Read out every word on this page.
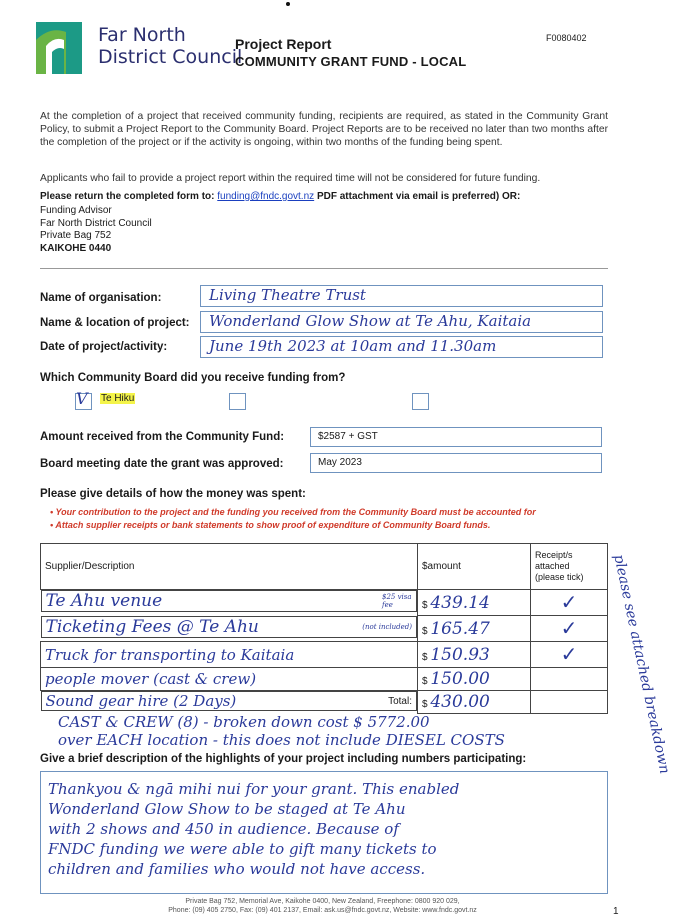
Far North
District Council
F0080402
Project Report
COMMUNITY GRANT FUND - LOCAL
At the completion of a project that received community funding, recipients are required, as stated in the Community Grant Policy, to submit a Project Report to the Community Board. Project Reports are to be received no later than two months after the completion of the project or if the activity is ongoing, within two months of the funding being spent.
Applicants who fail to provide a project report within the required time will not be considered for future funding.
Please return the completed form to: funding@fndc.govt.nz PDF attachment via email is preferred) OR:
Funding Advisor
Far North District Council
Private Bag 752
KAIKOHE 0440
Name of organisation:	Living Theatre Trust
Name & location of project: Wonderland Glow Show at Te Ahu, Kaitaia
Date of project/activity:	June 19th 2023 at 10am and 11.30am
Which Community Board did you receive funding from?
V Te Hiku
Amount received from the Community Fund:	$2587 + GST
Board meeting date the grant was approved:	May 2023
Please give details of how the money was spent:
• Your contribution to the project and the funding you received from the Community Board must be accounted for
• Attach supplier receipts or bank statements to show proof of expenditure of Community Board funds.
Supplier/Description	$amount	Receipt/s
attached
(please tick)

Te Ahu venue	$25 visa fee	$ 439.14	✓

Ticketing Fees @ Te Ahu	(not included) $ 165.47	✓

Truck for transporting to Kaitaia	$ 150.93	✓

people mover (cast & crew)	$ 150.00	

Sound gear hire (2 Days)	Total: $ 430.00	
CAST & CREW (8) - broken down cost $ 5772.00
over EACH location - this does not include DIESEL COSTS	please see attached breakdown
Give a brief description of the highlights of your project including numbers participating:
Thankyou & ngā mihi nui for your grant. This enabled
Wonderland Glow Show to be staged at Te Ahu
with 2 shows and 450 in audience. Because of
FNDC funding we were able to gift many tickets to
children and families who would not have access.
Private Bag 752, Memorial Ave, Kaikohe 0400, New Zealand, Freephone: 0800 920 029,
Phone: (09) 405 2750, Fax: (09) 401 2137, Email: ask.us@fndc.govt.nz, Website: www.fndc.govt.nz	1
